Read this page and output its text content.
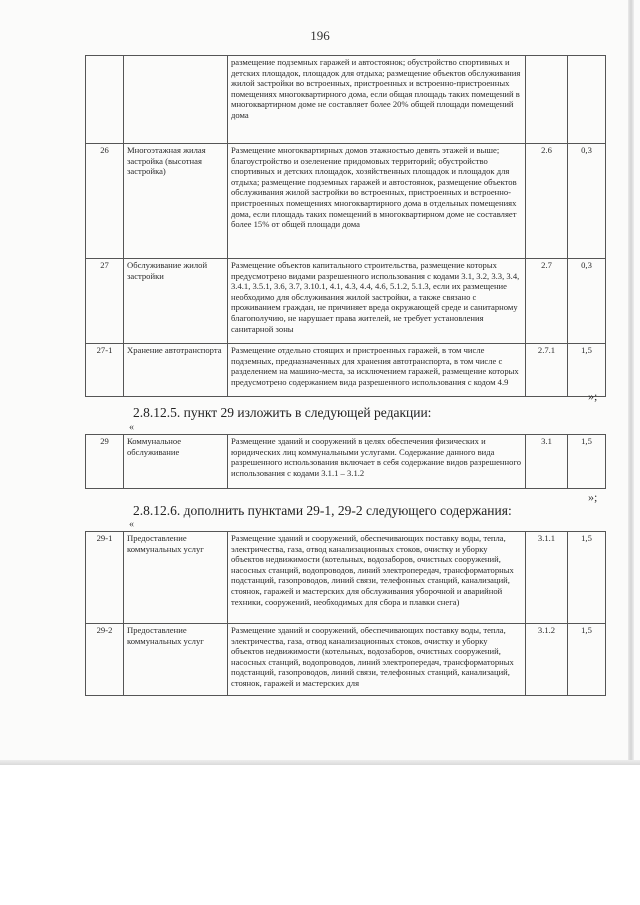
196
		размещение подземных гаражей и автостоянок; обустройство спортивных и детских площадок, площадок для отдыха; размещение объектов обслуживания жилой застройки во встроенных, пристроенных и встроенно-пристроенных помещениях многоквартирного дома, если общая площадь таких помещений в многоквартирном доме не составляет более 20% общей площади помещений дома		
26	Многоэтажная жилая застройка (высотная застройка)	Размещение многоквартирных домов этажностью девять этажей и выше; благоустройство и озеленение придомовых территорий; обустройство спортивных и детских площадок, хозяйственных площадок и площадок для отдыха; размещение подземных гаражей и автостоянок, размещение объектов обслуживания жилой застройки во встроенных, пристроенных и встроенно-пристроенных помещениях многоквартирного дома в отдельных помещениях дома, если площадь таких помещений в многоквартирном доме не составляет более 15% от общей площади дома	2.6	0,3
27	Обслуживание жилой застройки	Размещение объектов капитального строительства, размещение которых предусмотрено видами разрешенного использования с кодами 3.1, 3.2, 3.3, 3.4, 3.4.1, 3.5.1, 3.6, 3.7, 3.10.1, 4.1, 4.3, 4.4, 4.6, 5.1.2, 5.1.3, если их размещение необходимо для обслуживания жилой застройки, а также связано с проживанием граждан, не причиняет вреда окружающей среде и санитарному благополучию, не нарушает права жителей, не требует установления санитарной зоны	2.7	0,3
27-1	Хранение автотранспорта	Размещение отдельно стоящих и пристроенных гаражей, в том числе подземных, предназначенных для хранения автотранспорта, в том числе с разделением на машино-места, за исключением гаражей, размещение которых предусмотрено содержанием вида разрешенного использования с кодом 4.9	2.7.1	1,5
»;
2.8.12.5. пункт 29 изложить в следующей редакции:
«
29	Коммунальное обслуживание	Размещение зданий и сооружений в целях обеспечения физических и юридических лиц коммунальными услугами. Содержание данного вида разрешенного использования включает в себя содержание видов разрешенного использования с кодами 3.1.1 – 3.1.2	3.1	1,5
»;
2.8.12.6. дополнить пунктами 29-1, 29-2 следующего содержания:
«
29-1	Предоставление коммунальных услуг	Размещение зданий и сооружений, обеспечивающих поставку воды, тепла, электричества, газа, отвод канализационных стоков, очистку и уборку объектов недвижимости (котельных, водозаборов, очистных сооружений, насосных станций, водопроводов, линий электропередач, трансформаторных подстанций, газопроводов, линий связи, телефонных станций, канализаций, стоянок, гаражей и мастерских для обслуживания уборочной и аварийной техники, сооружений, необходимых для сбора и плавки снега)	3.1.1	1,5
29-2	Предоставление коммунальных услуг	Размещение зданий и сооружений, обеспечивающих поставку воды, тепла, электричества, газа, отвод канализационных стоков, очистку и уборку объектов недвижимости (котельных, водозаборов, очистных сооружений, насосных станций, водопроводов, линий электропередач, трансформаторных подстанций, газопроводов, линий связи, телефонных станций, канализаций, стоянок, гаражей и мастерских для	3.1.2	1,5
